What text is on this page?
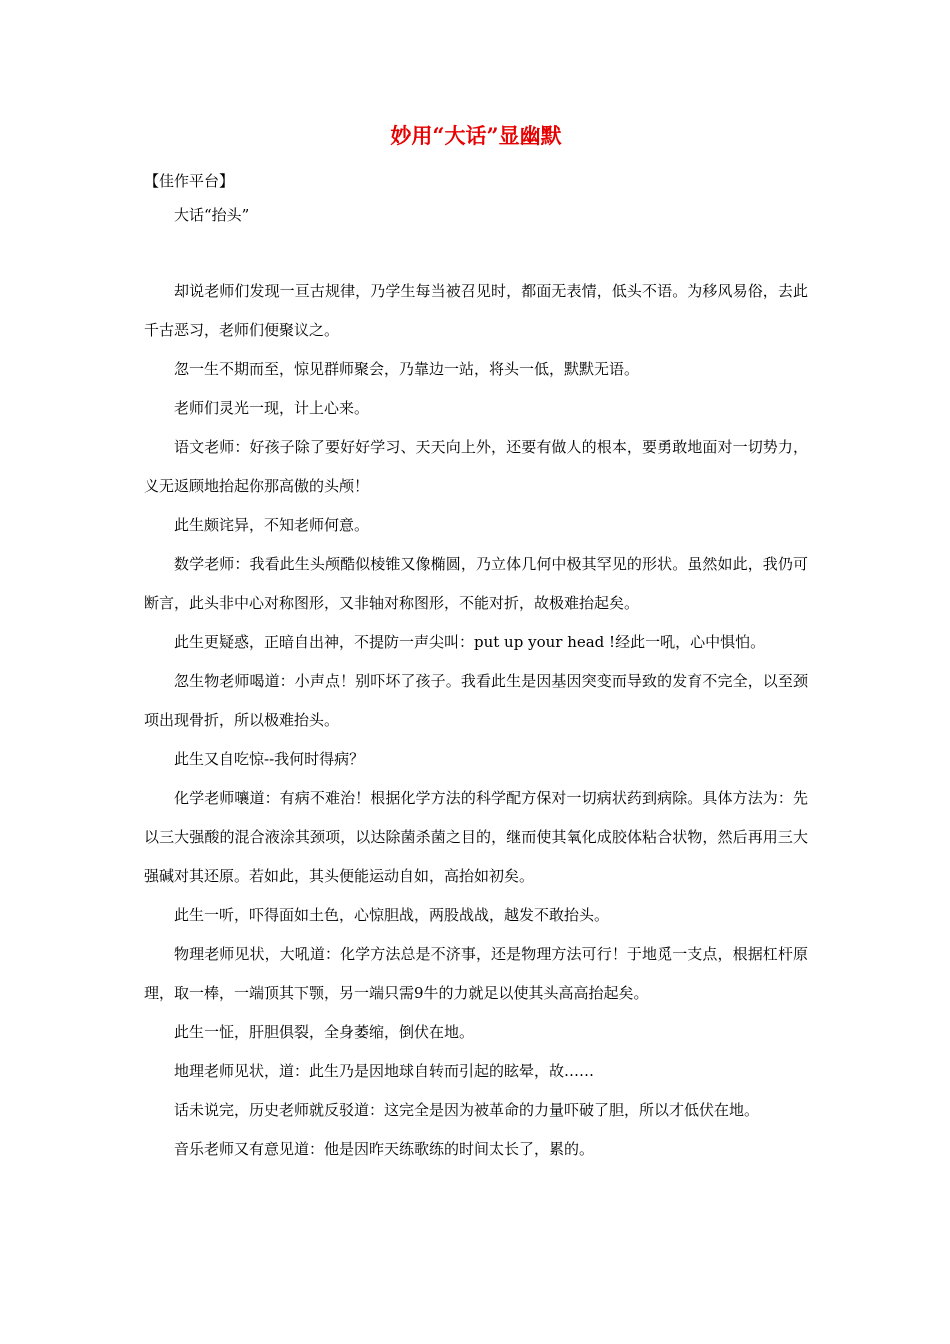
妙用“大话”显幽默

【佳作平台】

大话“抬头”

却说老师们发现一亘古规律，乃学生每当被召见时，都面无表情，低头不语。为移风易俗，去此千古恶习，老师们便聚议之。

忽一生不期而至，惊见群师聚会，乃靠边一站，将头一低，默默无语。

老师们灵光一现，计上心来。

语文老师：好孩子除了要好好学习、天天向上外，还要有做人的根本，要勇敢地面对一切势力，义无返顾地抬起你那高傲的头颅！

此生颇诧异，不知老师何意。

数学老师：我看此生头颅酷似棱锥又像椭圆，乃立体几何中极其罕见的形状。虽然如此，我仍可断言，此头非中心对称图形，又非轴对称图形，不能对折，故极难抬起矣。

此生更疑惑，正暗自出神，不提防一声尖叫：put up your head !经此一吼，心中惧怕。

忽生物老师喝道：小声点！别吓坏了孩子。我看此生是因基因突变而导致的发育不完全，以至颈项出现骨折，所以极难抬头。

此生又自吃惊--我何时得病？

化学老师嚷道：有病不难治！根据化学方法的科学配方保对一切病状药到病除。具体方法为：先以三大强酸的混合液涂其颈项，以达除菌杀菌之目的，继而使其氧化成胶体粘合状物，然后再用三大强碱对其还原。若如此，其头便能运动自如，高抬如初矣。

此生一听，吓得面如土色，心惊胆战，两股战战，越发不敢抬头。

物理老师见状，大吼道：化学方法总是不济事，还是物理方法可行！于地觅一支点，根据杠杆原理，取一棒，一端顶其下颚，另一端只需9牛的力就足以使其头高高抬起矣。

此生一怔，肝胆俱裂，全身萎缩，倒伏在地。

地理老师见状，道：此生乃是因地球自转而引起的眩晕，故……

话未说完，历史老师就反驳道：这完全是因为被革命的力量吓破了胆，所以才低伏在地。

音乐老师又有意见道：他是因昨天练歌练的时间太长了，累的。
